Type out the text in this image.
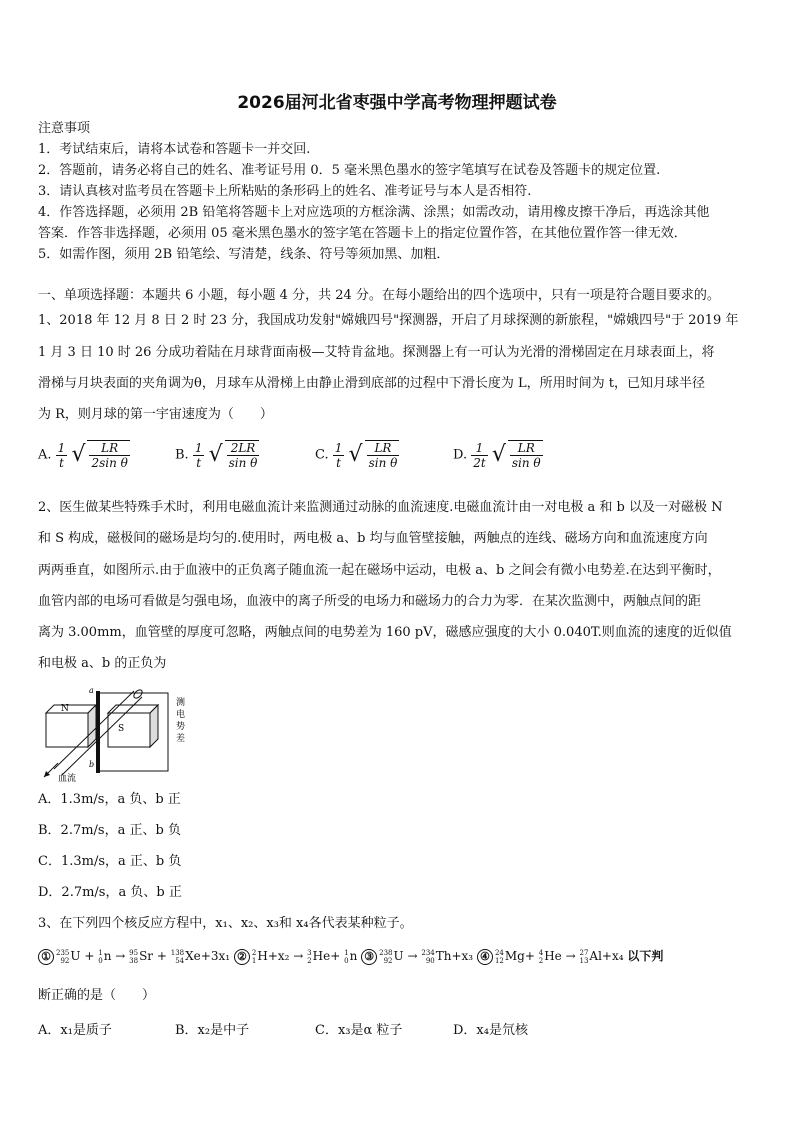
2026届河北省枣强中学高考物理押题试卷
注意事项
1．考试结束后，请将本试卷和答题卡一并交回.
2．答题前，请务必将自己的姓名、准考证号用 0．5 毫米黑色墨水的签字笔填写在试卷及答题卡的规定位置.
3．请认真核对监考员在答题卡上所粘贴的条形码上的姓名、准考证号与本人是否相符.
4．作答选择题，必须用 2B 铅笔将答题卡上对应选项的方框涂满、涂黑；如需改动，请用橡皮擦干净后，再选涂其他
答案．作答非选择题，必须用 05 毫米黑色墨水的签字笔在答题卡上的指定位置作答，在其他位置作答一律无效．
5．如需作图，须用 2B 铅笔绘、写清楚，线条、符号等须加黑、加粗．
一、单项选择题：本题共 6 小题，每小题 4 分，共 24 分。在每小题给出的四个选项中，只有一项是符合题目要求的。
1、2018 年 12 月 8 日 2 时 23 分，我国成功发射"嫦娥四号"探测器，开启了月球探测的新旅程，"嫦娥四号"于 2019 年
1 月 3 日 10 时 26 分成功着陆在月球背面南极—艾特肯盆地。探测器上有一可认为光滑的滑梯固定在月球表面上，将
滑梯与月块表面的夹角调为θ，月球车从滑梯上由静止滑到底部的过程中下滑长度为 L，所用时间为 t，已知月球半径
为 R，则月球的第一宇宙速度为（　　）
A. $\frac{1}{t}$ √ $\frac{LR}{\text{2sin θ}}$	B. $\frac{1}{t}$ √ $\frac{2LR}{\text{sin θ}}$	C. $\frac{1}{t}$ √ $\frac{LR}{\text{sin θ}}$	D. $\frac{1}{2t}$ √ $\frac{LR}{\text{sin θ}}$
2、医生做某些特殊手术时，利用电磁血流计来监测通过动脉的血流速度.电磁血流计由一对电极 a 和 b 以及一对磁极 N
和 S 构成，磁极间的磁场是均匀的.使用时，两电极 a、b 均与血管壁接触，两触点的连线、磁场方向和血流速度方向
两两垂直，如图所示.由于血液中的正负离子随血流一起在磁场中运动，电极 a、b 之间会有微小电势差.在达到平衡时，
血管内部的电场可看做是匀强电场，血液中的离子所受的电场力和磁场力的合力为零．在某次监测中，两触点间的距
离为 3.00mm，血管壁的厚度可忽略，两触点间的电势差为 160 pV，磁感应强度的大小 0.040T.则血流的速度的近似值
和电极 a、b 的正负为
N
S
a
b
血流
测
电
势
差
A．1.3m/s，a 负、b 正
B．2.7m/s，a 正、b 负
C．1.3m/s，a 正、b 负
D．2.7m/s，a 负、b 正
3、在下列四个核反应方程中，x₁、x₂、x₃和 x₄各代表某种粒子。
① 235
92 U + 1
0 n → 95
38 Sr + 138
54 Xe+3x₁ ② 2
1 H+x₂ → 3
2 He+ 1
0 n ③ 238
92 U → 234
90 Th+x₃ ④ 24
12 Mg+ 4
2 He → 27
13 Al+x₄ 以下判
断正确的是（　　）
A．x₁是质子	B．x₂是中子	C．x₃是α 粒子	D．x₄是氘核
